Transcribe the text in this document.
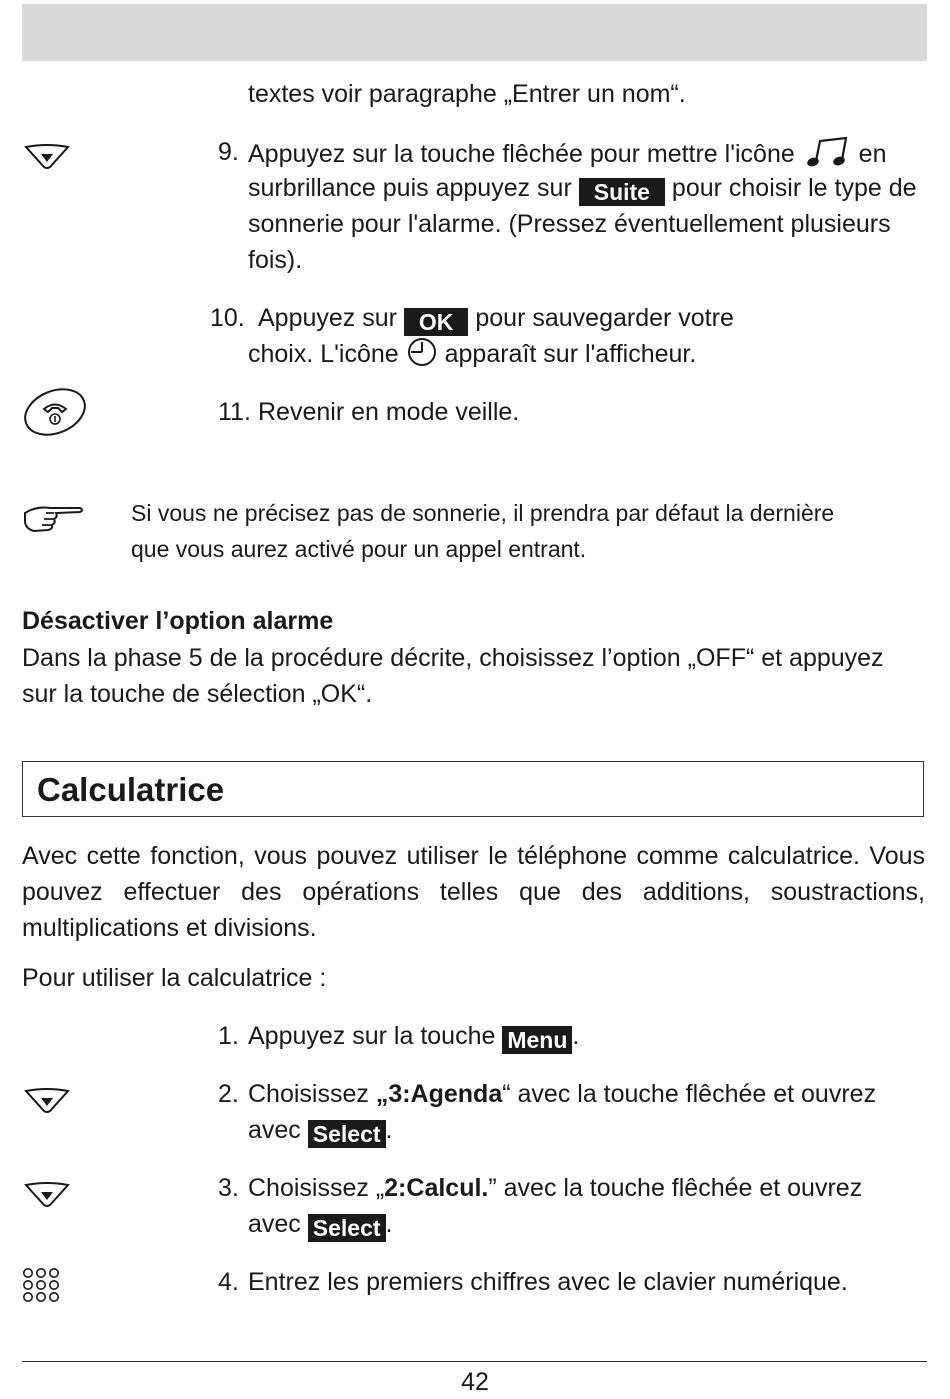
textes voir paragraphe „Entrer un nom“.
9. Appuyez sur la touche flêchée pour mettre l'icône	en
surbrillance puis appuyez sur Suite pour choisir le type de
sonnerie pour l'alarme. (Pressez éventuellement plusieurs
fois).
10. Appuyez sur OK pour sauvegarder votre
choix. L'icône apparaît sur l'afficheur.
11. Revenir en mode veille.
Si vous ne précisez pas de sonnerie, il prendra par défaut la dernière
que vous aurez activé pour un appel entrant.
Désactiver l’option alarme
Dans la phase 5 de la procédure décrite, choisissez l’option „OFF“ et appuyez
sur la touche de sélection „OK“.
Calculatrice
Avec cette fonction, vous pouvez utiliser le téléphone comme calculatrice. Vous pouvez effectuer des opérations telles que des additions, soustractions,
multiplications et divisions.
Pour utiliser la calculatrice :
1. Appuyez sur la touche Menu .
2. Choisissez „3:Agenda“ avec la touche flêchée et ouvrez
avec Select .
3. Choisissez „2:Calcul.” avec la touche flêchée et ouvrez
avec Select .
4. Entrez les premiers chiffres avec le clavier numérique.
42
